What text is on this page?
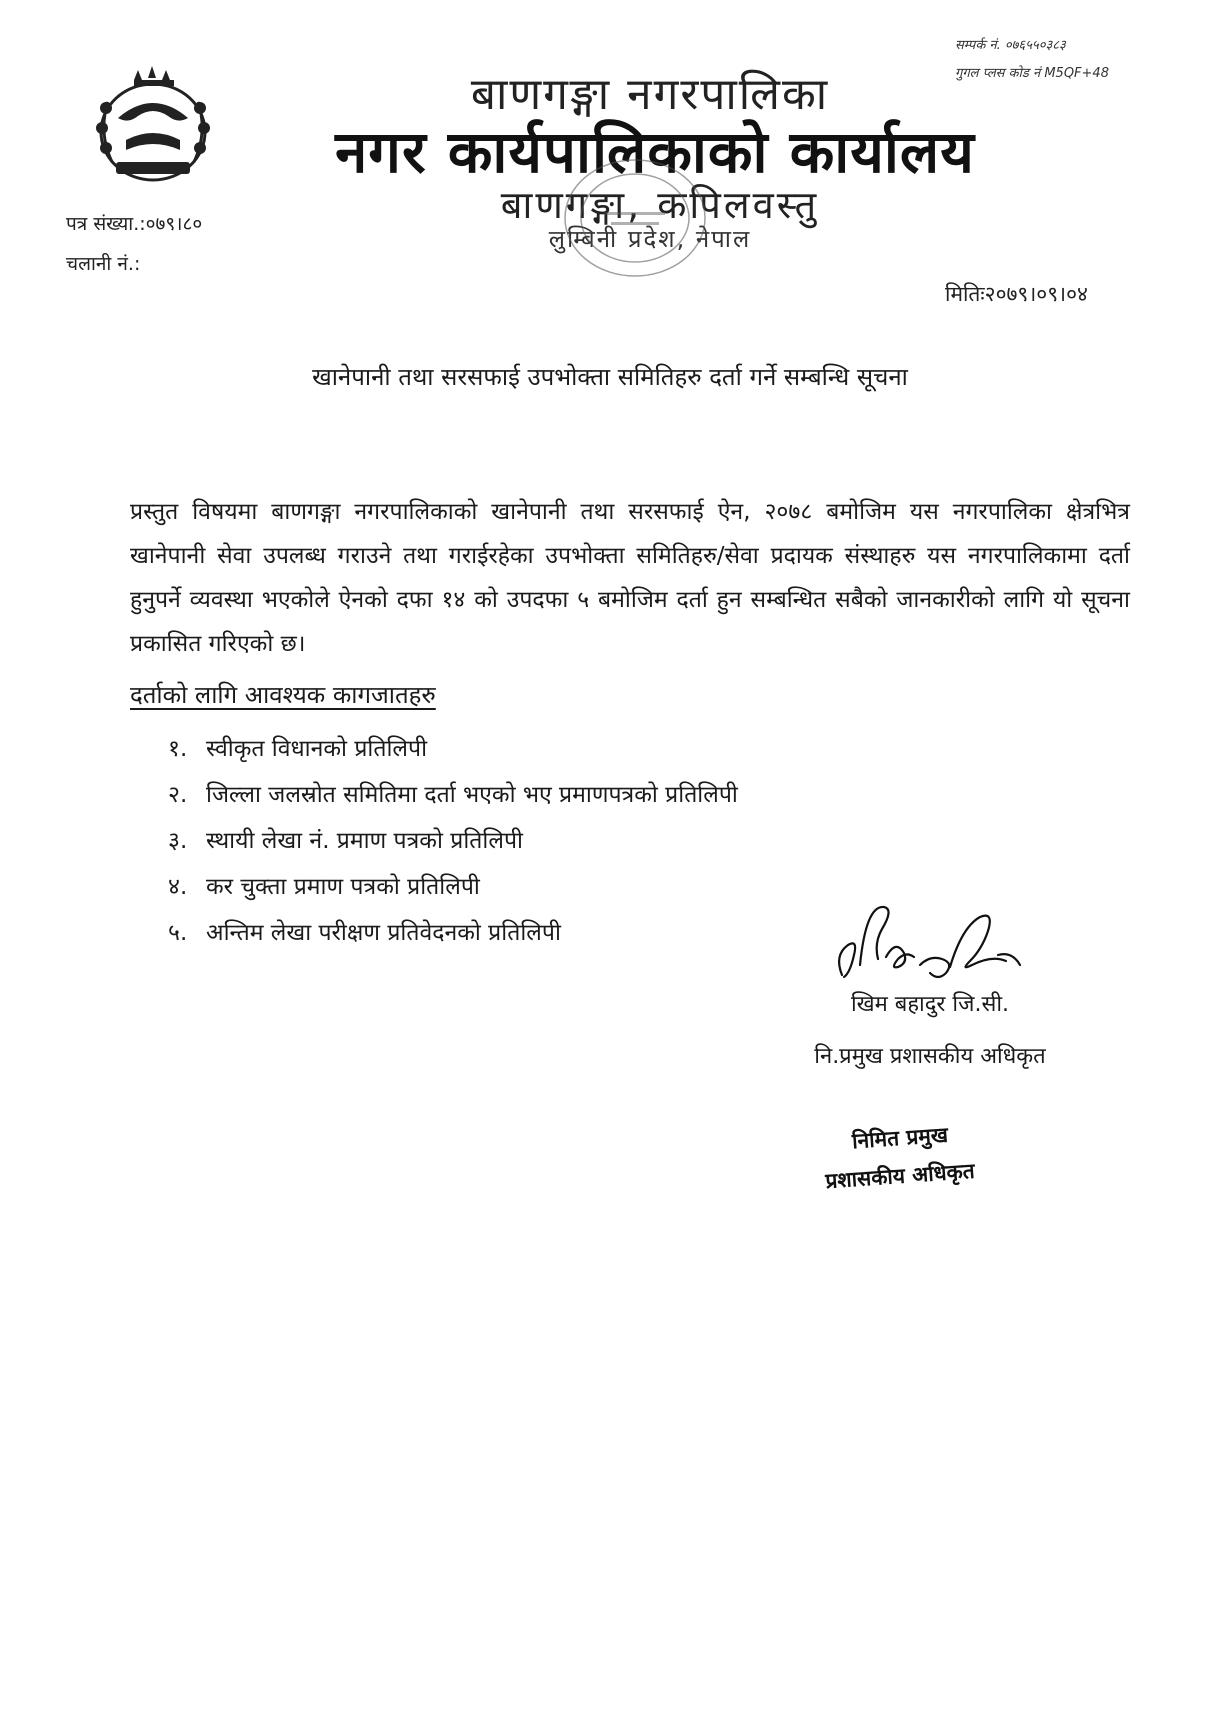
बाणगङ्गा नगरपालिका
नगर कार्यपालिकाको कार्यालय
बाणगङ्गा, कपिलवस्तु
लुम्बिनी प्रदेश, नेपाल
सम्पर्क नं. ०७६५५०३८३
गुगल प्लस कोड नं M5QF+48
पत्र संख्या.:०७९।८०
चलानी नं.:
मितिः२०७९।०९।०४
खानेपानी तथा सरसफाई उपभोक्ता समितिहरु दर्ता गर्ने सम्बन्धि सूचना
प्रस्तुत विषयमा बाणगङ्गा नगरपालिकाको खानेपानी तथा सरसफाई ऐन, २०७८ बमोजिम यस नगरपालिका क्षेत्रभित्र खानेपानी सेवा उपलब्ध गराउने तथा गराईरहेका उपभोक्ता समितिहरु/सेवा प्रदायक संस्थाहरु यस नगरपालिकामा दर्ता हुनुपर्ने व्यवस्था भएकोले ऐनको दफा १४ को उपदफा ५ बमोजिम दर्ता हुन सम्बन्धित सबैको जानकारीको लागि यो सूचना प्रकासित गरिएको छ।
दर्ताको लागि आवश्यक कागजातहरु
१. स्वीकृत विधानको प्रतिलिपी
२. जिल्ला जलस्रोत समितिमा दर्ता भएको भए प्रमाणपत्रको प्रतिलिपी
३. स्थायी लेखा नं. प्रमाण पत्रको प्रतिलिपी
४. कर चुक्ता प्रमाण पत्रको प्रतिलिपी
५. अन्तिम लेखा परीक्षण प्रतिवेदनको प्रतिलिपी
खिम बहादुर जि.सी.
नि.प्रमुख प्रशासकीय अधिकृत
निमित प्रमुख
प्रशासकीय अधिकृत
